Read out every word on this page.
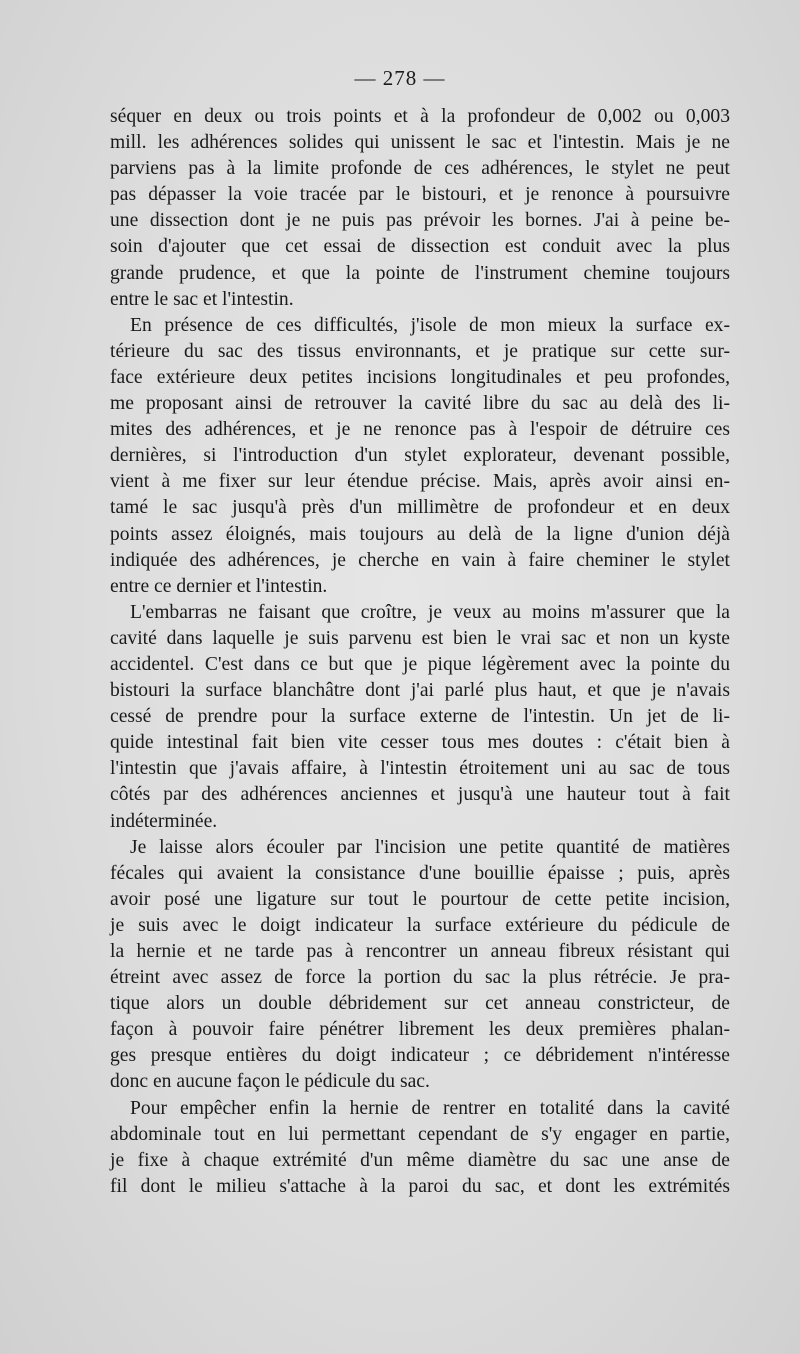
— 278 —

séquer en deux ou trois points et à la profondeur de 0,002 ou 0,003

mill. les adhérences solides qui unissent le sac et l'intestin. Mais je ne

parviens pas à la limite profonde de ces adhérences, le stylet ne peut

pas dépasser la voie tracée par le bistouri, et je renonce à poursuivre

une dissection dont je ne puis pas prévoir les bornes. J'ai à peine be-

soin d'ajouter que cet essai de dissection est conduit avec la plus

grande prudence, et que la pointe de l'instrument chemine toujours

entre le sac et l'intestin.

En présence de ces difficultés, j'isole de mon mieux la surface ex-

térieure du sac des tissus environnants, et je pratique sur cette sur-

face extérieure deux petites incisions longitudinales et peu profondes,

me proposant ainsi de retrouver la cavité libre du sac au delà des li-

mites des adhérences, et je ne renonce pas à l'espoir de détruire ces

dernières, si l'introduction d'un stylet explorateur, devenant possible,

vient à me fixer sur leur étendue précise. Mais, après avoir ainsi en-

tamé le sac jusqu'à près d'un millimètre de profondeur et en deux

points assez éloignés, mais toujours au delà de la ligne d'union déjà

indiquée des adhérences, je cherche en vain à faire cheminer le stylet

entre ce dernier et l'intestin.

L'embarras ne faisant que croître, je veux au moins m'assurer que la

cavité dans laquelle je suis parvenu est bien le vrai sac et non un kyste

accidentel. C'est dans ce but que je pique légèrement avec la pointe du

bistouri la surface blanchâtre dont j'ai parlé plus haut, et que je n'avais

cessé de prendre pour la surface externe de l'intestin. Un jet de li-

quide intestinal fait bien vite cesser tous mes doutes : c'était bien à

l'intestin que j'avais affaire, à l'intestin étroitement uni au sac de tous

côtés par des adhérences anciennes et jusqu'à une hauteur tout à fait

indéterminée.

Je laisse alors écouler par l'incision une petite quantité de matières

fécales qui avaient la consistance d'une bouillie épaisse ; puis, après

avoir posé une ligature sur tout le pourtour de cette petite incision,

je suis avec le doigt indicateur la surface extérieure du pédicule de

la hernie et ne tarde pas à rencontrer un anneau fibreux résistant qui

étreint avec assez de force la portion du sac la plus rétrécie. Je pra-

tique alors un double débridement sur cet anneau constricteur, de

façon à pouvoir faire pénétrer librement les deux premières phalan-

ges presque entières du doigt indicateur ; ce débridement n'intéresse

donc en aucune façon le pédicule du sac.

Pour empêcher enfin la hernie de rentrer en totalité dans la cavité

abdominale tout en lui permettant cependant de s'y engager en partie,

je fixe à chaque extrémité d'un même diamètre du sac une anse de

fil dont le milieu s'attache à la paroi du sac, et dont les extrémités
